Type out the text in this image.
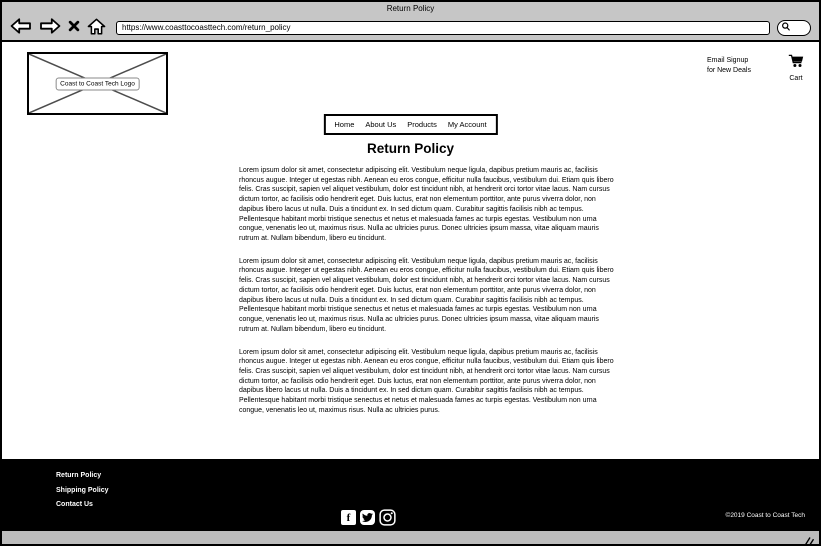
Return Policy
https://www.coasttocoasttech.com/return_policy
Coast to Coast Tech Logo
Email Signup
for New Deals
Cart
Home About Us Products My Account
Return Policy

Lorem ipsum dolor sit amet, consectetur adipiscing elit. Vestibulum neque ligula, dapibus pretium mauris ac, facilisis rhoncus augue. Integer ut egestas nibh. Aenean eu eros congue, efficitur nulla faucibus, vestibulum dui. Etiam quis libero felis. Cras suscipit, sapien vel aliquet vestibulum, dolor est tincidunt nibh, at hendrerit orci tortor vitae lacus. Nam cursus dictum tortor, ac facilisis odio hendrerit eget. Duis luctus, erat non elementum porttitor, ante purus viverra dolor, non dapibus libero lacus ut nulla. Duis a tincidunt ex. In sed dictum quam. Curabitur sagittis facilisis nibh ac tempus. Pellentesque habitant morbi tristique senectus et netus et malesuada fames ac turpis egestas. Vestibulum non urna congue, venenatis leo ut, maximus risus. Nulla ac ultricies purus. Donec ultricies ipsum massa, vitae aliquam mauris rutrum at. Nullam bibendum, libero eu tincidunt.

Lorem ipsum dolor sit amet, consectetur adipiscing elit. Vestibulum neque ligula, dapibus pretium mauris ac, facilisis rhoncus augue. Integer ut egestas nibh. Aenean eu eros congue, efficitur nulla faucibus, vestibulum dui. Etiam quis libero felis. Cras suscipit, sapien vel aliquet vestibulum, dolor est tincidunt nibh, at hendrerit orci tortor vitae lacus. Nam cursus dictum tortor, ac facilisis odio hendrerit eget. Duis luctus, erat non elementum porttitor, ante purus viverra dolor, non dapibus libero lacus ut nulla. Duis a tincidunt ex. In sed dictum quam. Curabitur sagittis facilisis nibh ac tempus. Pellentesque habitant morbi tristique senectus et netus et malesuada fames ac turpis egestas. Vestibulum non urna congue, venenatis leo ut, maximus risus. Nulla ac ultricies purus. Donec ultricies ipsum massa, vitae aliquam mauris rutrum at. Nullam bibendum, libero eu tincidunt.

Lorem ipsum dolor sit amet, consectetur adipiscing elit. Vestibulum neque ligula, dapibus pretium mauris ac, facilisis rhoncus augue. Integer ut egestas nibh. Aenean eu eros congue, efficitur nulla faucibus, vestibulum dui. Etiam quis libero felis. Cras suscipit, sapien vel aliquet vestibulum, dolor est tincidunt nibh, at hendrerit orci tortor vitae lacus. Nam cursus dictum tortor, ac facilisis odio hendrerit eget. Duis luctus, erat non elementum porttitor, ante purus viverra dolor, non dapibus libero lacus ut nulla. Duis a tincidunt ex. In sed dictum quam. Curabitur sagittis facilisis nibh ac tempus. Pellentesque habitant morbi tristique senectus et netus et malesuada fames ac turpis egestas. Vestibulum non urna congue, venenatis leo ut, maximus risus. Nulla ac ultricies purus.

Return Policy
Shipping Policy
Contact Us
f	©2019 Coast to Coast Tech
